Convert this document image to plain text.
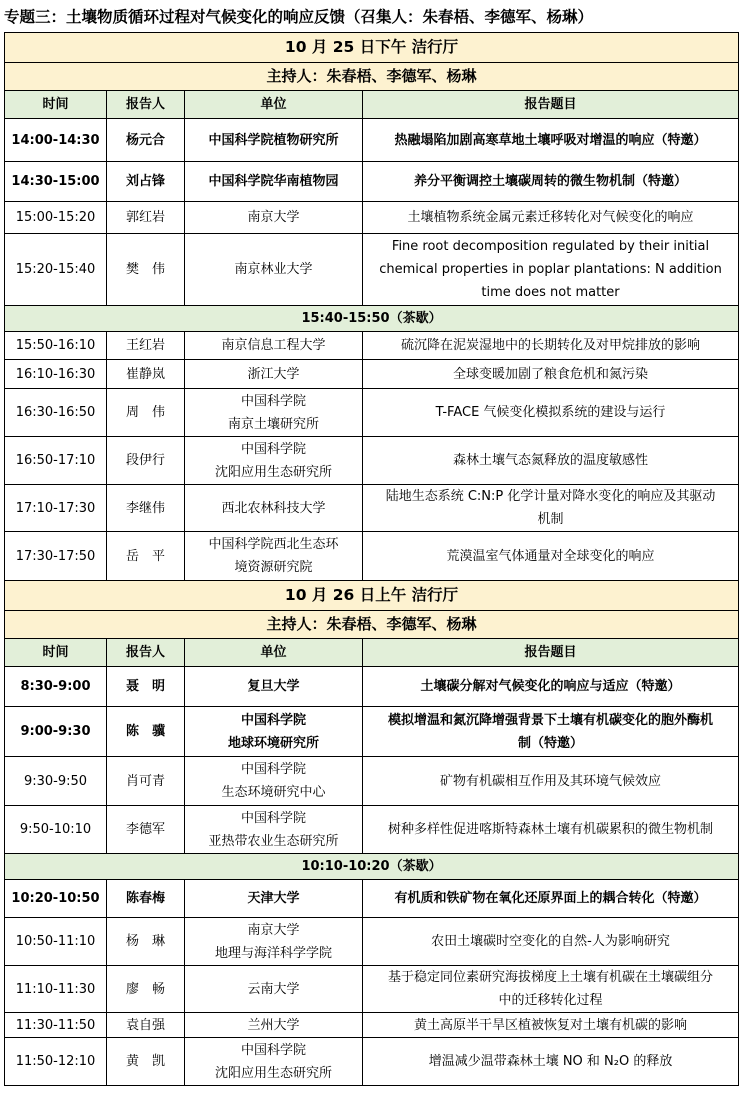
专题三：土壤物质循环过程对气候变化的响应反馈（召集人：朱春梧、李德军、杨琳）
10 月 25 日下午 洁行厅			
主持人：朱春梧、李德军、杨琳			
时间	报告人	单位	报告题目
14:00-14:30	杨元合	中国科学院植物研究所	热融塌陷加剧高寒草地土壤呼吸对增温的响应（特邀）

14:30-15:00	刘占锋	中国科学院华南植物园	养分平衡调控土壤碳周转的微生物机制（特邀）

15:00-15:20	郭红岩	南京大学	土壤植物系统金属元素迁移转化对气候变化的响应

15:20-15:40	樊　伟	南京林业大学	Fine root decomposition regulated by their initial
chemical properties in poplar plantations: N addition
time does not matter

15:40-15:50（茶歇）			
15:50-16:10	王红岩	南京信息工程大学	硫沉降在泥炭湿地中的长期转化及对甲烷排放的影响

16:10-16:30	崔静岚	浙江大学	全球变暖加剧了粮食危机和氮污染

16:30-16:50	周　伟	中国科学院
南京土壤研究所	T-FACE 气候变化模拟系统的建设与运行

16:50-17:10	段伊行	中国科学院
沈阳应用生态研究所	森林土壤气态氮释放的温度敏感性

17:10-17:30	李继伟	西北农林科技大学	陆地生态系统 C:N:P 化学计量对降水变化的响应及其驱动
机制

17:30-17:50	岳　平	中国科学院西北生态环
境资源研究院	荒漠温室气体通量对全球变化的响应

10 月 26 日上午 洁行厅			
主持人：朱春梧、李德军、杨琳			
时间	报告人	单位	报告题目
8:30-9:00	聂　明	复旦大学	土壤碳分解对气候变化的响应与适应（特邀）

9:00-9:30	陈　骥	中国科学院
地球环境研究所	模拟增温和氮沉降增强背景下土壤有机碳变化的胞外酶机
制（特邀）

9:30-9:50	肖可青	中国科学院
生态环境研究中心	矿物有机碳相互作用及其环境气候效应

9:50-10:10	李德军	中国科学院
亚热带农业生态研究所	树种多样性促进喀斯特森林土壤有机碳累积的微生物机制

10:10-10:20（茶歇）			
10:20-10:50	陈春梅	天津大学	有机质和铁矿物在氧化还原界面上的耦合转化（特邀）

10:50-11:10	杨　琳	南京大学
地理与海洋科学学院	农田土壤碳时空变化的自然-人为影响研究

11:10-11:30	廖　畅	云南大学	基于稳定同位素研究海拔梯度上土壤有机碳在土壤碳组分
中的迁移转化过程

11:30-11:50	袁自强	兰州大学	黄土高原半干旱区植被恢复对土壤有机碳的影响

11:50-12:10	黄　凯	中国科学院
沈阳应用生态研究所	增温减少温带森林土壤 NO 和 N₂O 的释放
